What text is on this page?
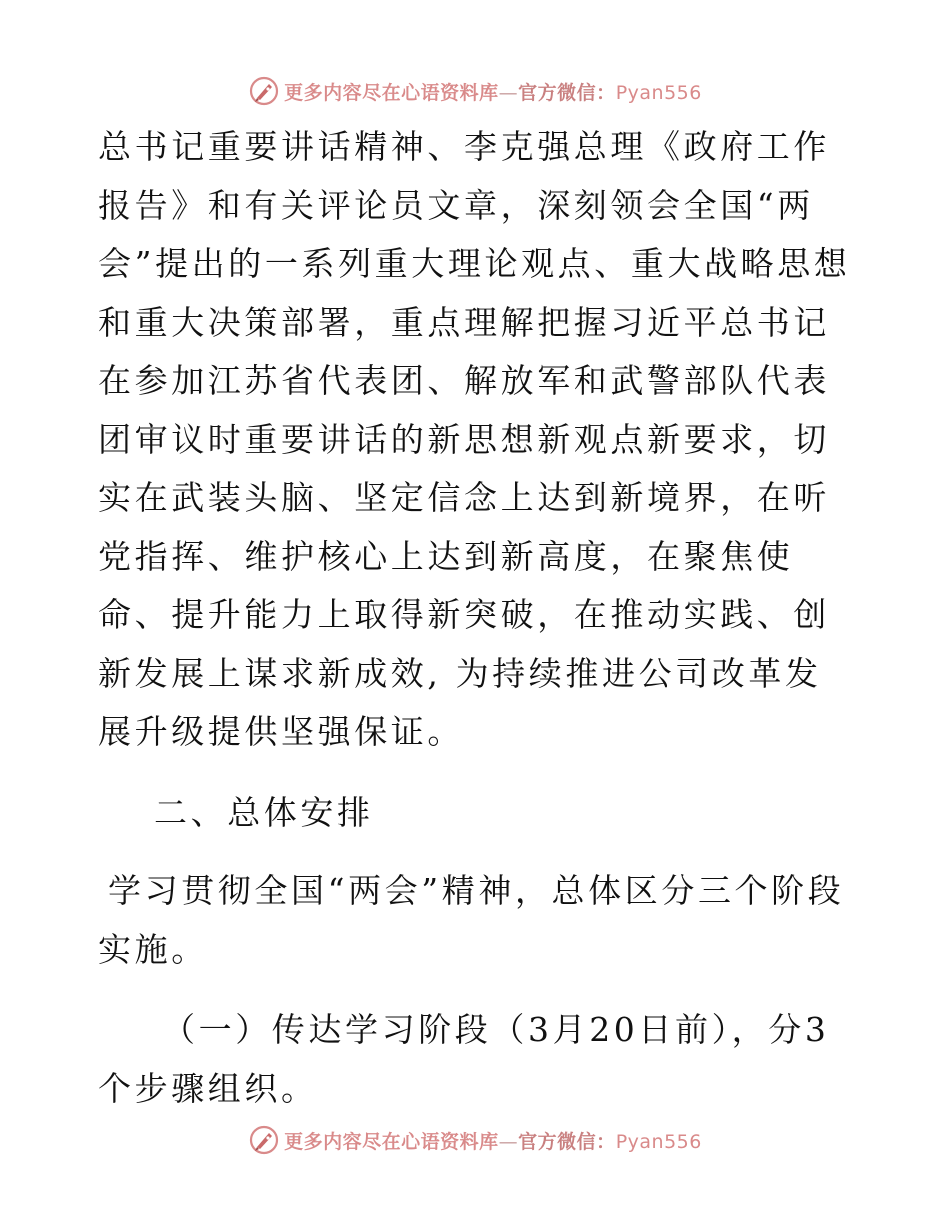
更多内容尽在心语资料库—官方微信：Pyan556

总书记重要讲话精神、李克强总理《政府工作报告》和有关评论员文章，深刻领会全国“两会”提出的一系列重大理论观点、重大战略思想和重大决策部署，重点理解把握习近平总书记在参加江苏省代表团、解放军和武警部队代表团审议时重要讲话的新思想新观点新要求，切实在武装头脑、坚定信念上达到新境界，在听党指挥、维护核心上达到新高度，在聚焦使命、提升能力上取得新突破，在推动实践、创新发展上谋求新成效, 为持续推进公司改革发展升级提供坚强保证。

二、总体安排

学习贯彻全国“两会”精神，总体区分三个阶段实施。

（一）传达学习阶段（3月20日前），分3个步骤组织。

更多内容尽在心语资料库—官方微信：Pyan556
